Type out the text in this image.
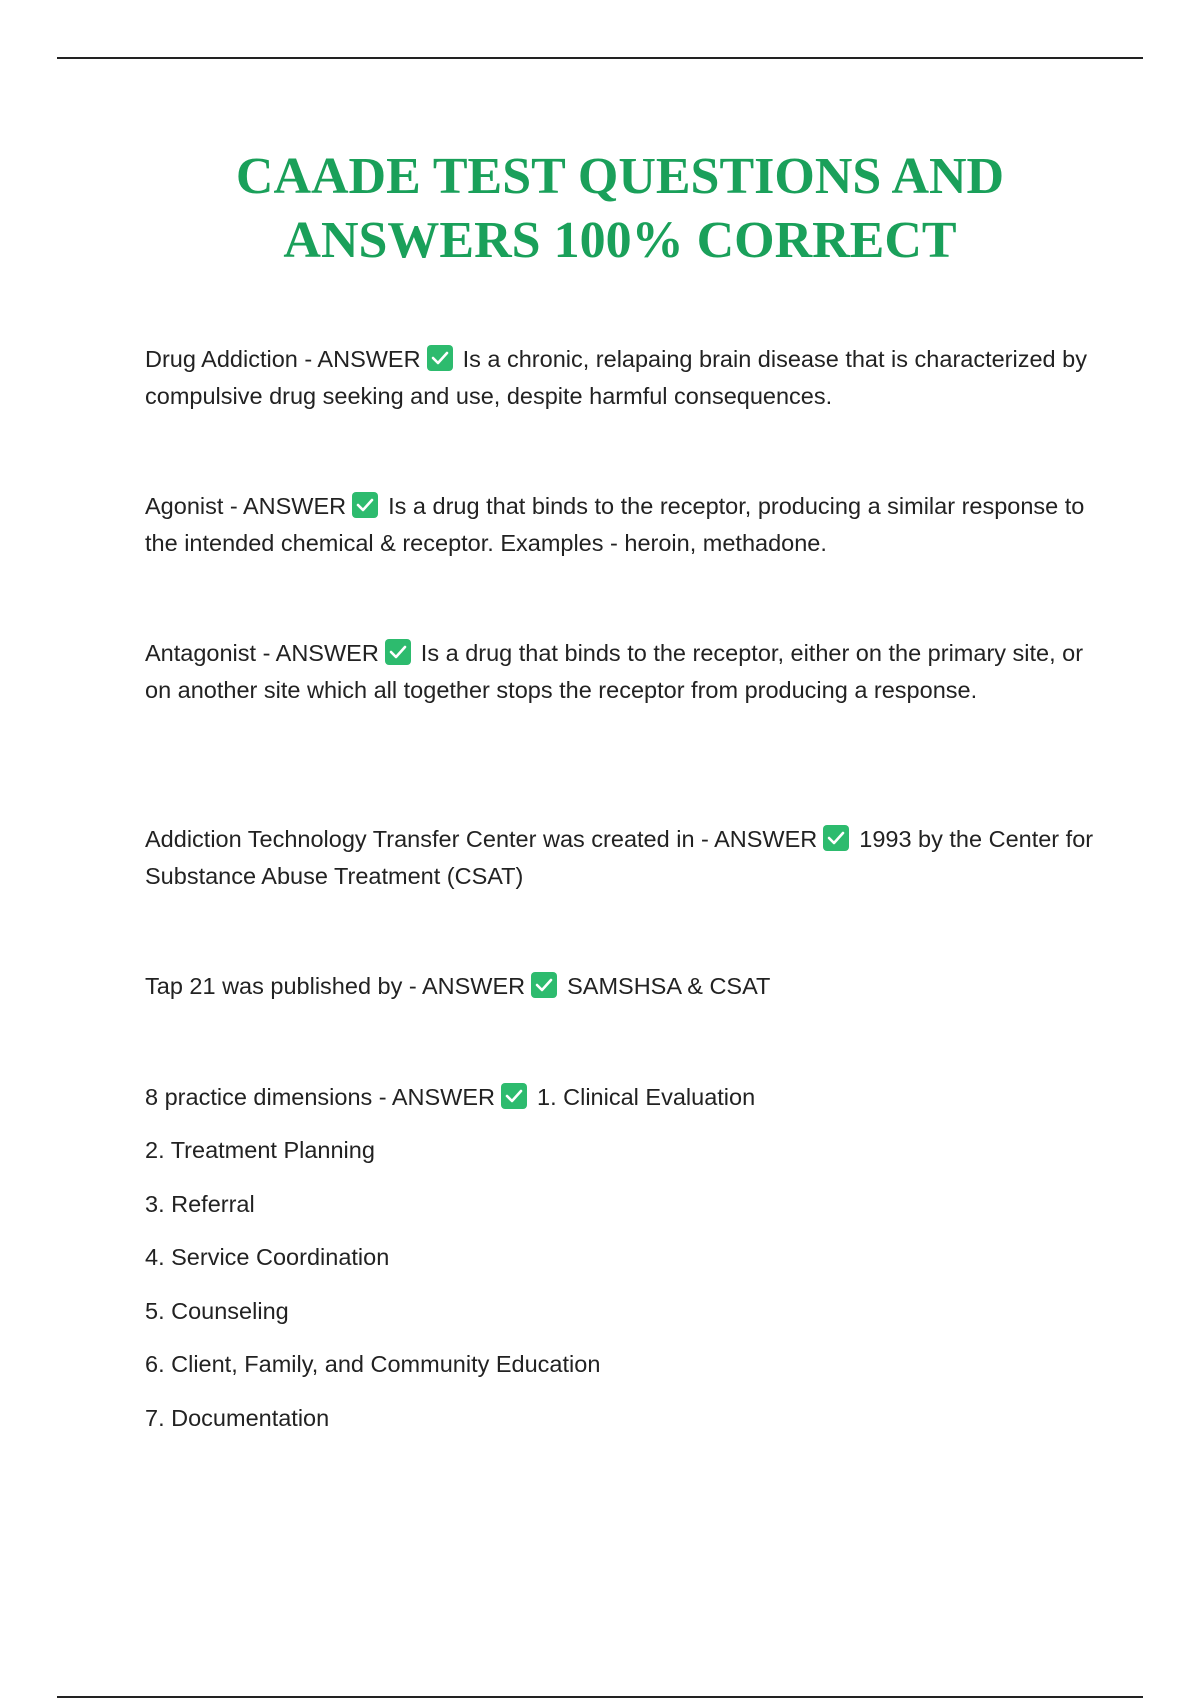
CAADE TEST QUESTIONS AND
ANSWERS 100% CORRECT

Drug Addiction - ANSWER Is a chronic, relapaing brain disease that is characterized by compulsive drug seeking and use, despite harmful consequences.

Agonist - ANSWER Is a drug that binds to the receptor, producing a similar response to the intended chemical & receptor. Examples - heroin, methadone.

Antagonist - ANSWER Is a drug that binds to the receptor, either on the primary site, or on another site which all together stops the receptor from producing a response.

Addiction Technology Transfer Center was created in - ANSWER 1993 by the Center for Substance Abuse Treatment (CSAT)

Tap 21 was published by - ANSWER SAMSHSA & CSAT

8 practice dimensions - ANSWER 1. Clinical Evaluation

2. Treatment Planning

3. Referral

4. Service Coordination

5. Counseling

6. Client, Family, and Community Education

7. Documentation
